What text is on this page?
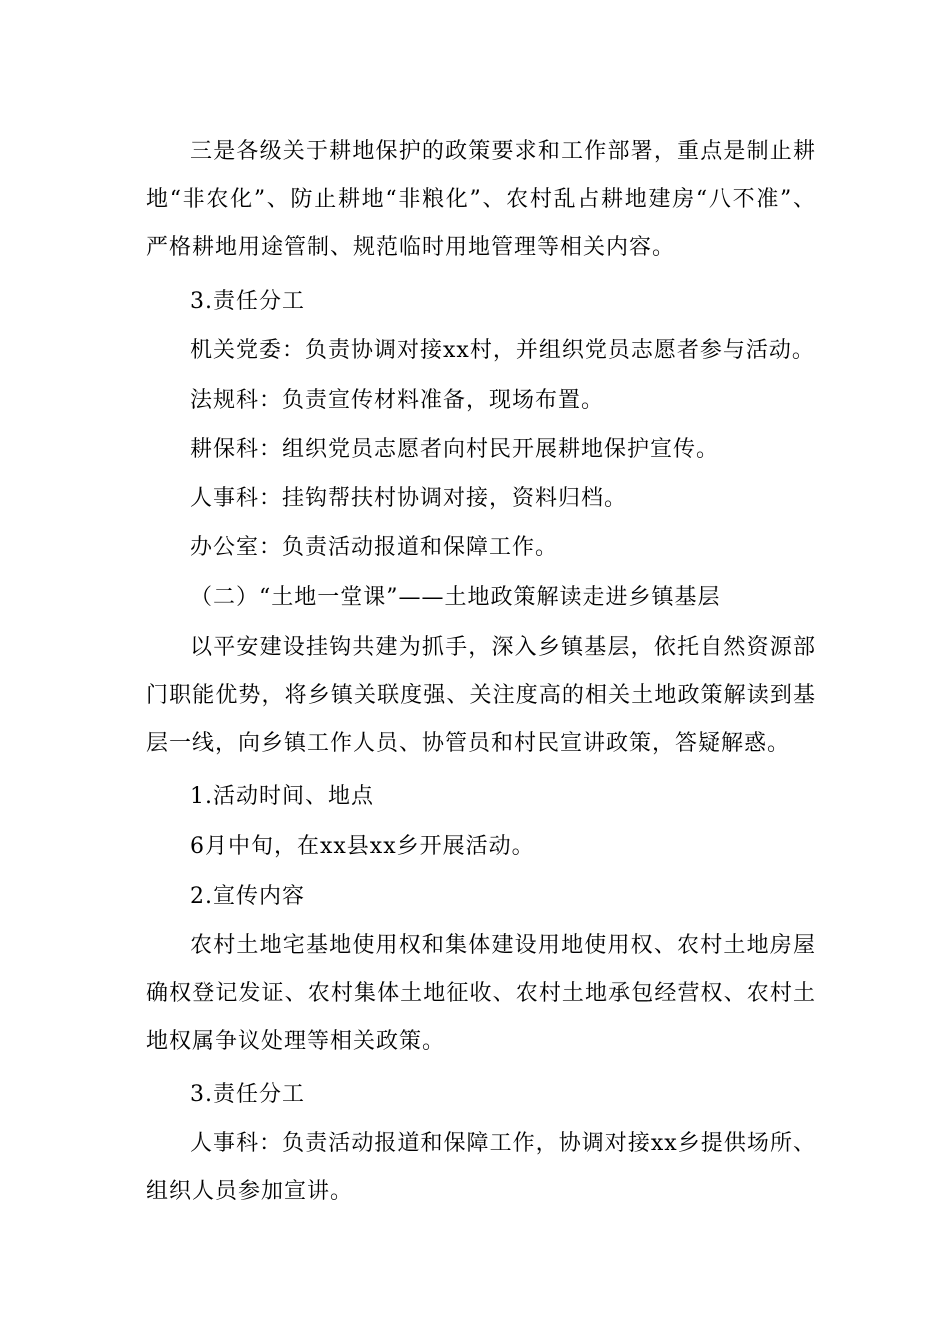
三是各级关于耕地保护的政策要求和工作部署，重点是制止耕地“非农化”、防止耕地“非粮化”、农村乱占耕地建房“八不准”、严格耕地用途管制、规范临时用地管理等相关内容。

3.责任分工

机关党委：负责协调对接xx村，并组织党员志愿者参与活动。

法规科：负责宣传材料准备，现场布置。

耕保科：组织党员志愿者向村民开展耕地保护宣传。

人事科：挂钩帮扶村协调对接，资料归档。

办公室：负责活动报道和保障工作。

（二）“土地一堂课”——土地政策解读走进乡镇基层

以平安建设挂钩共建为抓手，深入乡镇基层，依托自然资源部门职能优势，将乡镇关联度强、关注度高的相关土地政策解读到基层一线，向乡镇工作人员、协管员和村民宣讲政策，答疑解惑。

1.活动时间、地点

6月中旬，在xx县xx乡开展活动。

2.宣传内容

农村土地宅基地使用权和集体建设用地使用权、农村土地房屋确权登记发证、农村集体土地征收、农村土地承包经营权、农村土地权属争议处理等相关政策。

3.责任分工

人事科：负责活动报道和保障工作，协调对接xx乡提供场所、组织人员参加宣讲。
